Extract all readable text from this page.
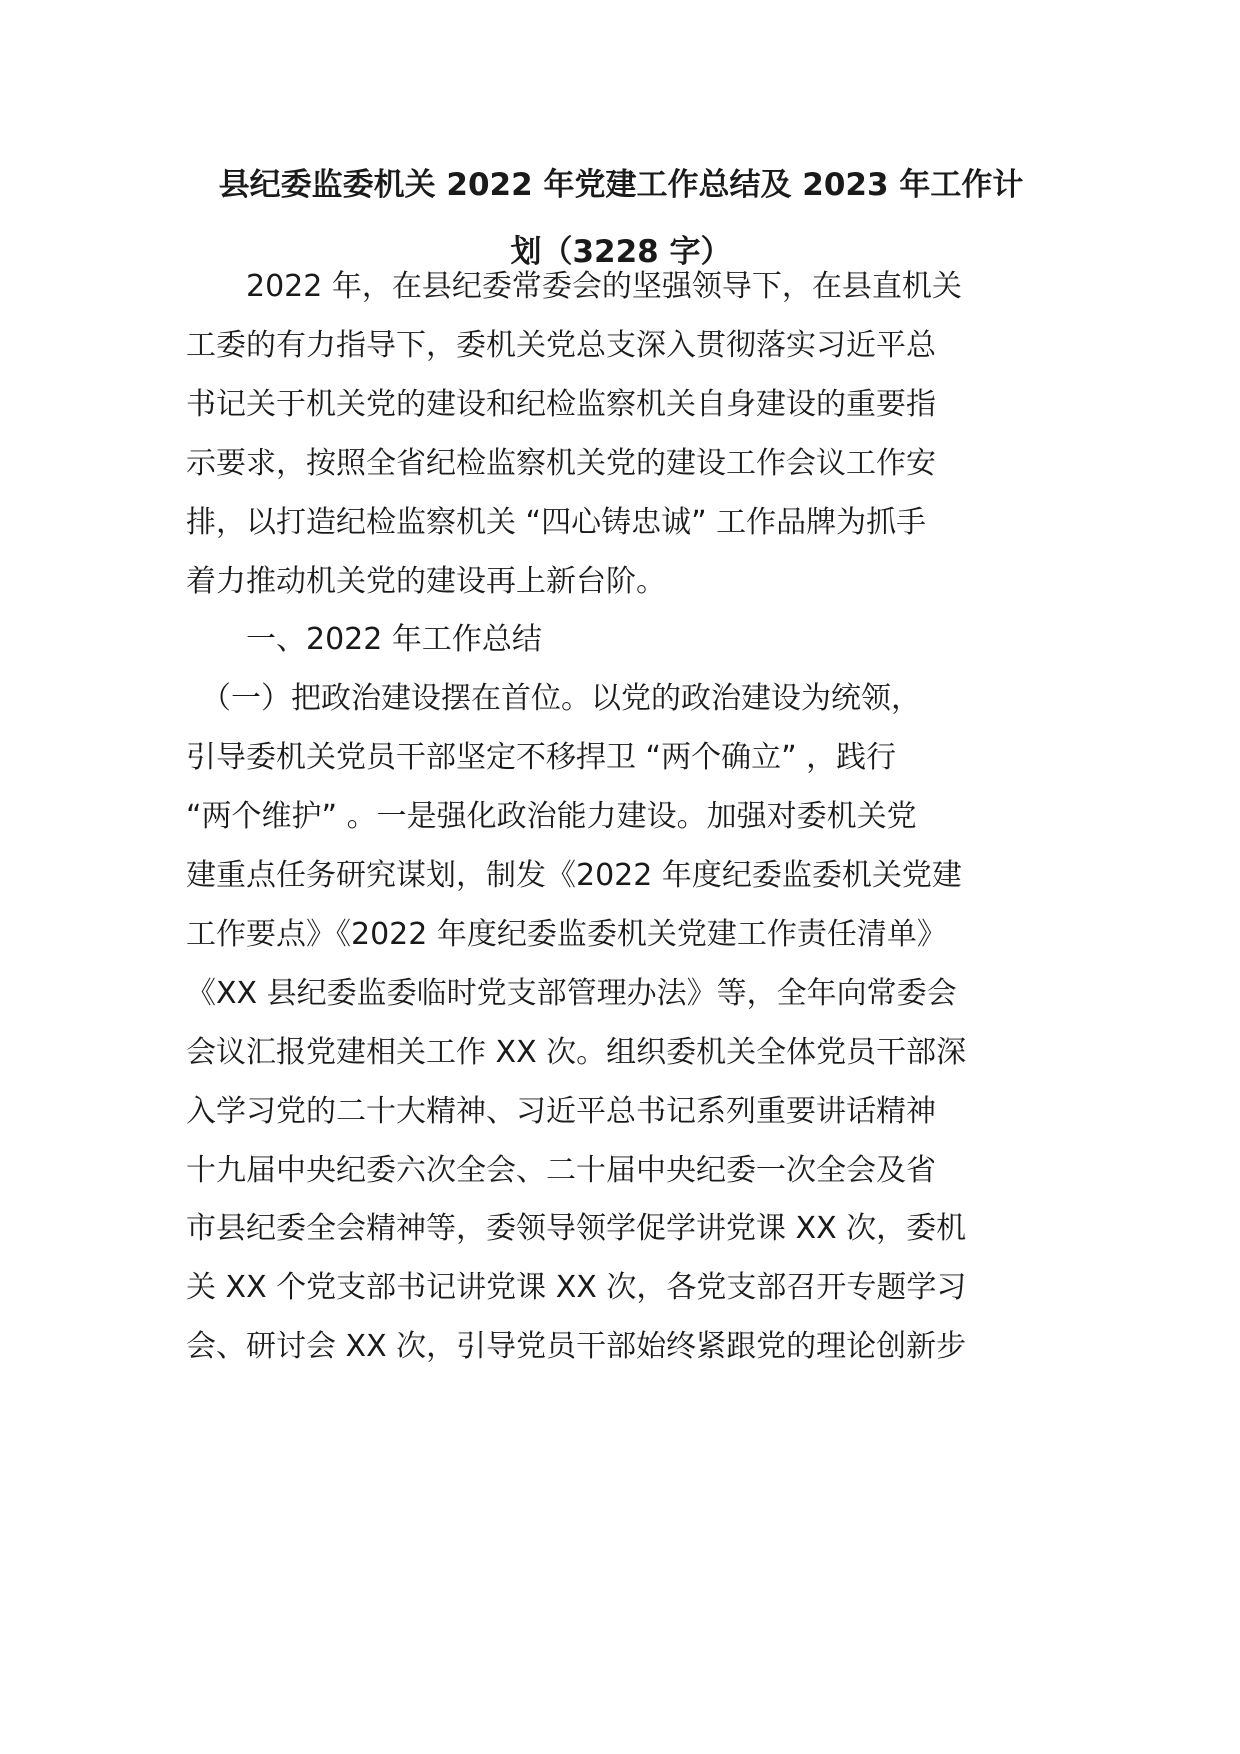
县纪委监委机关 2022 年党建工作总结及 2023 年工作计
划（3228 字）
　　2022 年，在县纪委常委会的坚强领导下，在县直机关
工委的有力指导下，委机关党总支深入贯彻落实习近平总
书记关于机关党的建设和纪检监察机关自身建设的重要指
示要求，按照全省纪检监察机关党的建设工作会议工作安
排，以打造纪检监察机关 “四心铸忠诚” 工作品牌为抓手
着力推动机关党的建设再上新台阶。
　　一、2022 年工作总结
　（一）把政治建设摆在首位。以党的政治建设为统领，
引导委机关党员干部坚定不移捍卫 “两个确立” ，践行
“两个维护” 。一是强化政治能力建设。加强对委机关党
建重点任务研究谋划，制发《2022 年度纪委监委机关党建
工作要点》《2022 年度纪委监委机关党建工作责任清单》
《XX 县纪委监委临时党支部管理办法》等，全年向常委会
会议汇报党建相关工作 XX 次。组织委机关全体党员干部深
入学习党的二十大精神、习近平总书记系列重要讲话精神
十九届中央纪委六次全会、二十届中央纪委一次全会及省
市县纪委全会精神等，委领导领学促学讲党课 XX 次，委机
关 XX 个党支部书记讲党课 XX 次，各党支部召开专题学习
会、研讨会 XX 次，引导党员干部始终紧跟党的理论创新步
